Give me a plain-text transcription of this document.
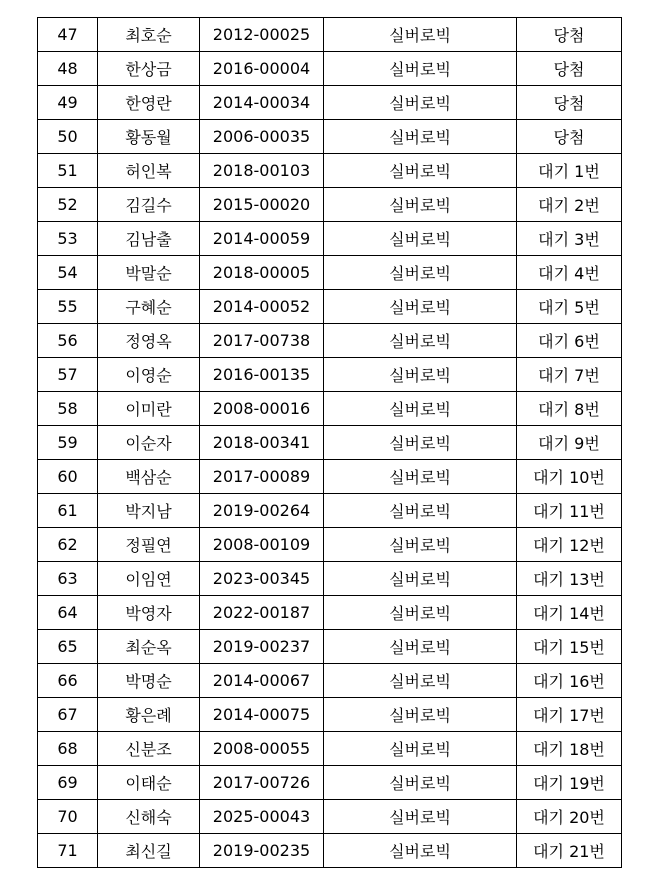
47	최호순	2012-00025	실버로빅	당첨
48	한상금	2016-00004	실버로빅	당첨
49	한영란	2014-00034	실버로빅	당첨
50	황동월	2006-00035	실버로빅	당첨
51	허인복	2018-00103	실버로빅	대기 1번
52	김길수	2015-00020	실버로빅	대기 2번
53	김남출	2014-00059	실버로빅	대기 3번
54	박말순	2018-00005	실버로빅	대기 4번
55	구혜순	2014-00052	실버로빅	대기 5번
56	정영옥	2017-00738	실버로빅	대기 6번
57	이영순	2016-00135	실버로빅	대기 7번
58	이미란	2008-00016	실버로빅	대기 8번
59	이순자	2018-00341	실버로빅	대기 9번
60	백삼순	2017-00089	실버로빅	대기 10번
61	박지남	2019-00264	실버로빅	대기 11번
62	정필연	2008-00109	실버로빅	대기 12번
63	이임연	2023-00345	실버로빅	대기 13번
64	박영자	2022-00187	실버로빅	대기 14번
65	최순옥	2019-00237	실버로빅	대기 15번
66	박명순	2014-00067	실버로빅	대기 16번
67	황은례	2014-00075	실버로빅	대기 17번
68	신분조	2008-00055	실버로빅	대기 18번
69	이태순	2017-00726	실버로빅	대기 19번
70	신해숙	2025-00043	실버로빅	대기 20번
71	최신길	2019-00235	실버로빅	대기 21번
